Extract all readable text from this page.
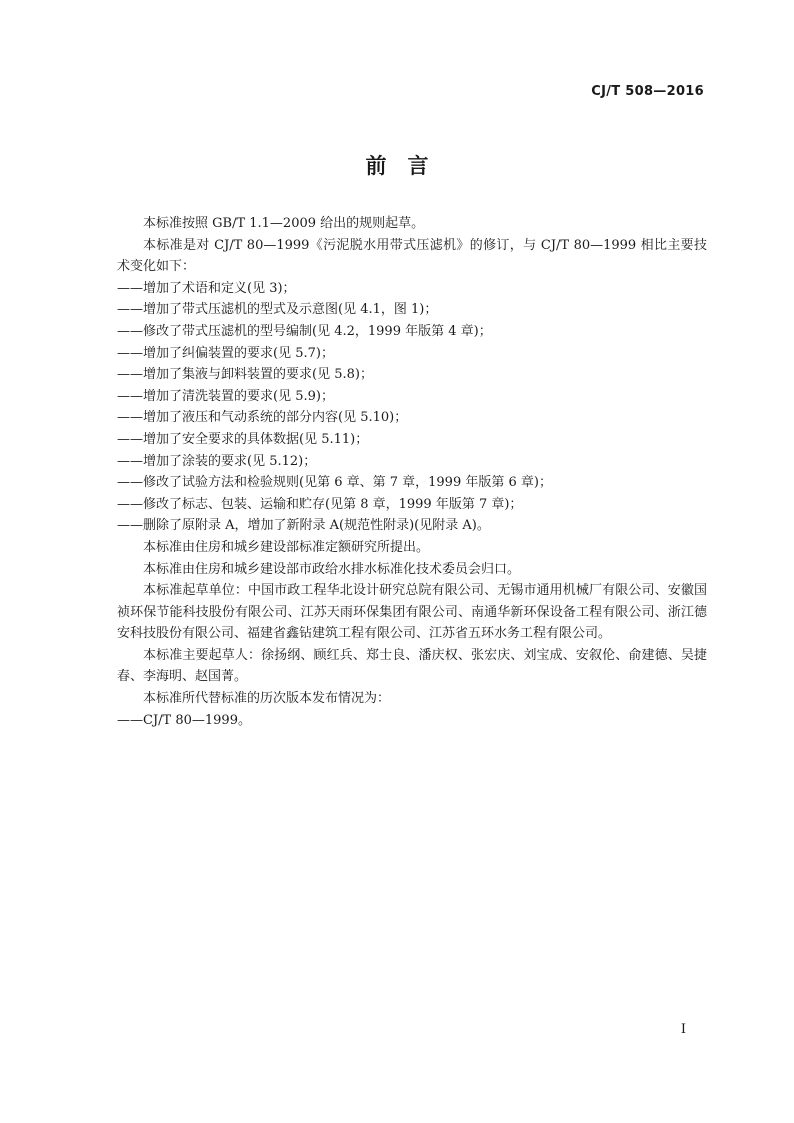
CJ/T 508—2016
前　言

本标准按照 GB/T 1.1—2009 给出的规则起草。

本标准是对 CJ/T 80—1999《污泥脱水用带式压滤机》的修订，与 CJ/T 80—1999 相比主要技术变化如下：

——增加了术语和定义(见 3)；

——增加了带式压滤机的型式及示意图(见 4.1，图 1)；

——修改了带式压滤机的型号编制(见 4.2，1999 年版第 4 章)；

——增加了纠偏装置的要求(见 5.7)；

——增加了集液与卸料装置的要求(见 5.8)；

——增加了清洗装置的要求(见 5.9)；

——增加了液压和气动系统的部分内容(见 5.10)；

——增加了安全要求的具体数据(见 5.11)；

——增加了涂装的要求(见 5.12)；

——修改了试验方法和检验规则(见第 6 章、第 7 章，1999 年版第 6 章)；

——修改了标志、包装、运输和贮存(见第 8 章，1999 年版第 7 章)；

——删除了原附录 A，增加了新附录 A(规范性附录)(见附录 A)。

本标准由住房和城乡建设部标准定额研究所提出。

本标准由住房和城乡建设部市政给水排水标准化技术委员会归口。

本标准起草单位：中国市政工程华北设计研究总院有限公司、无锡市通用机械厂有限公司、安徽国祯环保节能科技股份有限公司、江苏天雨环保集团有限公司、南通华新环保设备工程有限公司、浙江德安科技股份有限公司、福建省鑫钻建筑工程有限公司、江苏省五环水务工程有限公司。

本标准主要起草人：徐扬纲、顾红兵、郑士良、潘庆权、张宏庆、刘宝成、安叙伦、俞建德、吴捷春、李海明、赵国菁。

本标准所代替标准的历次版本发布情况为：

——CJ/T 80—1999。

I
